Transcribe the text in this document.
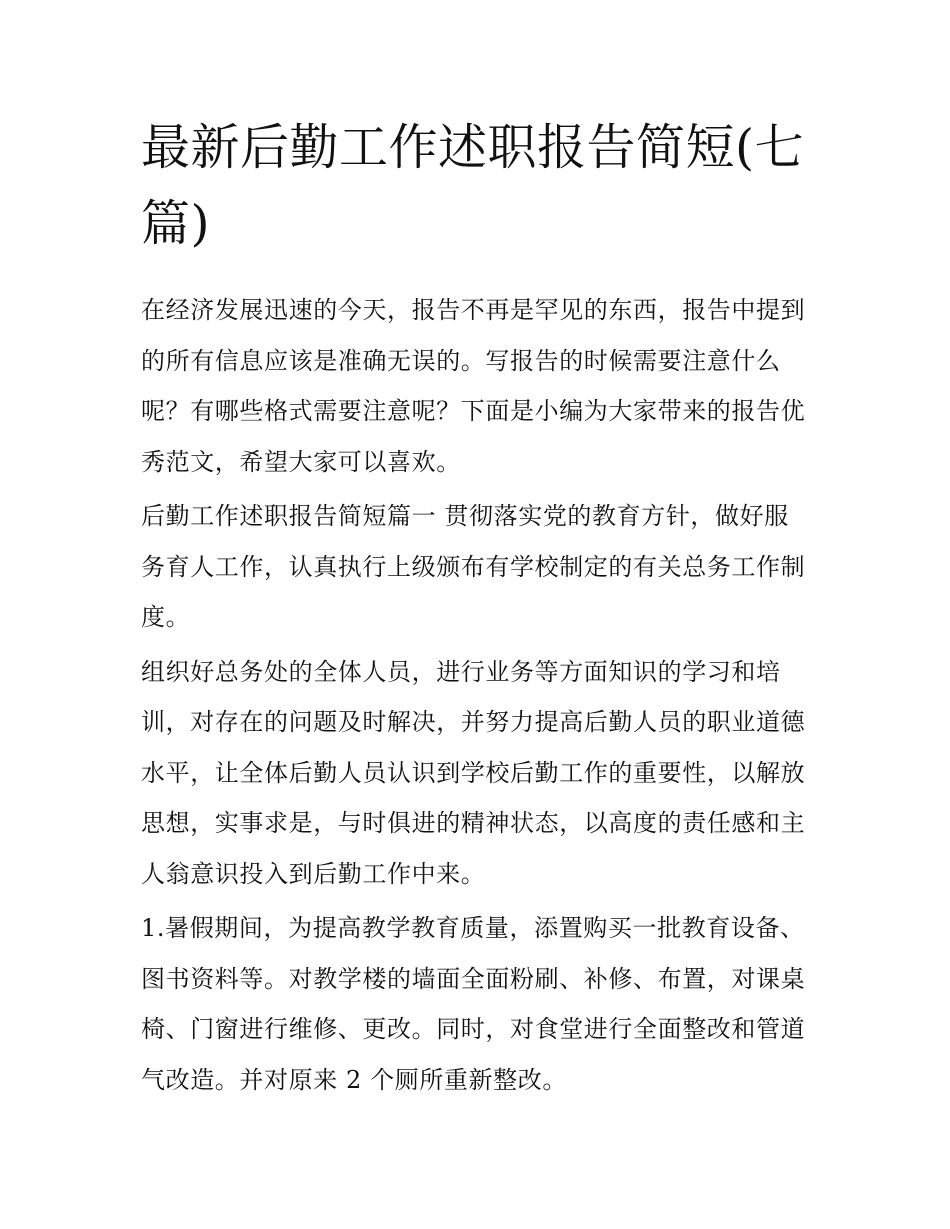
最新后勤工作述职报告简短(七篇)

在经济发展迅速的今天，报告不再是罕见的东西，报告中提到的所有信息应该是准确无误的。写报告的时候需要注意什么呢？有哪些格式需要注意呢？下面是小编为大家带来的报告优秀范文，希望大家可以喜欢。

后勤工作述职报告简短篇一 贯彻落实党的教育方针，做好服务育人工作，认真执行上级颁布有学校制定的有关总务工作制度。

组织好总务处的全体人员，进行业务等方面知识的学习和培训，对存在的问题及时解决，并努力提高后勤人员的职业道德水平，让全体后勤人员认识到学校后勤工作的重要性，以解放思想，实事求是，与时俱进的精神状态，以高度的责任感和主人翁意识投入到后勤工作中来。

1.暑假期间，为提高教学教育质量，添置购买一批教育设备、图书资料等。对教学楼的墙面全面粉刷、补修、布置，对课桌椅、门窗进行维修、更改。同时，对食堂进行全面整改和管道气改造。并对原来 2 个厕所重新整改。
